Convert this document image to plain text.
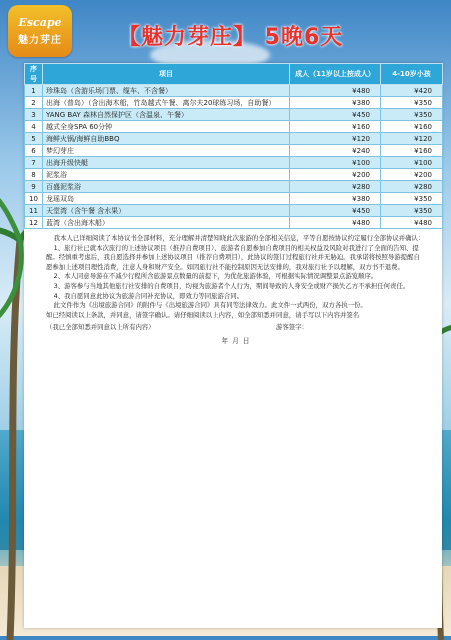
Escape
魅力芽庄	【魅力芽庄】 5晚6天
序号	项目	成人（11岁以上按成人）	4-10岁小孩
1	珍珠岛（含游乐场门票、缆车、不含餐）	¥480	¥420
2	出海（普岛）（含出海木船，竹岛越式午餐、离尔夫20球练习场，自助餐）	¥380	¥350
3	YANG BAY 森林自然保护区（含温泉、午餐）	¥450	¥350
4	越式全身SPA 60分钟	¥160	¥160
5	海鲜火锅/海鲜自助BBQ	¥120	¥120
6	梦幻芽庄	¥240	¥160
7	出海升级快艇	¥100	¥100
8	泥浆浴	¥200	¥200
9	百盛泥浆浴	¥280	¥280
10	龙瑶双岛	¥380	¥350
11	天堂湾（含午餐 含水果）	¥450	¥350
12	蓝湾（含出海木船）	¥480	¥480

我本人已详细阅读了本协议书全部材料，充分理解并清楚知晓此次旅游的全部相关信息，平等自愿按协议约定履行全部协议并确认：

1、旅行社已就本次旅行的上述协议项目（推荐自费项目）、旅游者自愿参加自费项目的相关权益及风险对我进行了全面的告知、提醒。经慎重考虑后，我自愿选择并参加上述协议项目（推荐自费项目），此协议的签订过程旅行社并无胁迫。我承诺将按照导游提醒自愿参加上述项目理性消费，注意人身和财产安全。如因旅行社不能控制原因无法安排的，我对旅行社予以理解，双方书不退费。

2、本人同意导游在不减少行程所含旅游景点数量的前提下，为优化旅游体验，可根据实际情况调整景点游览顺序。

3、游客参与当地其他旅行社安排的自费项目，均视为旅游者个人行为，期间导致的人身安全或财产损失乙方不承担任何责任。

4、我自愿同意此协议为旅游合同补充协议，即效力等同旅游合同。

此文件作为《出境旅游合同》的附件与《出境旅游合同》具有同等法律效力。此文件一式两份，双方各执一份。

如已经阅读以上条款，并同意，请签字确认。请仔细阅读以上内容，如全部知悉并同意，请手写以下内容并签名

（我已全部知悉并同意以上所有内容）	游客签字：
年 月 日
